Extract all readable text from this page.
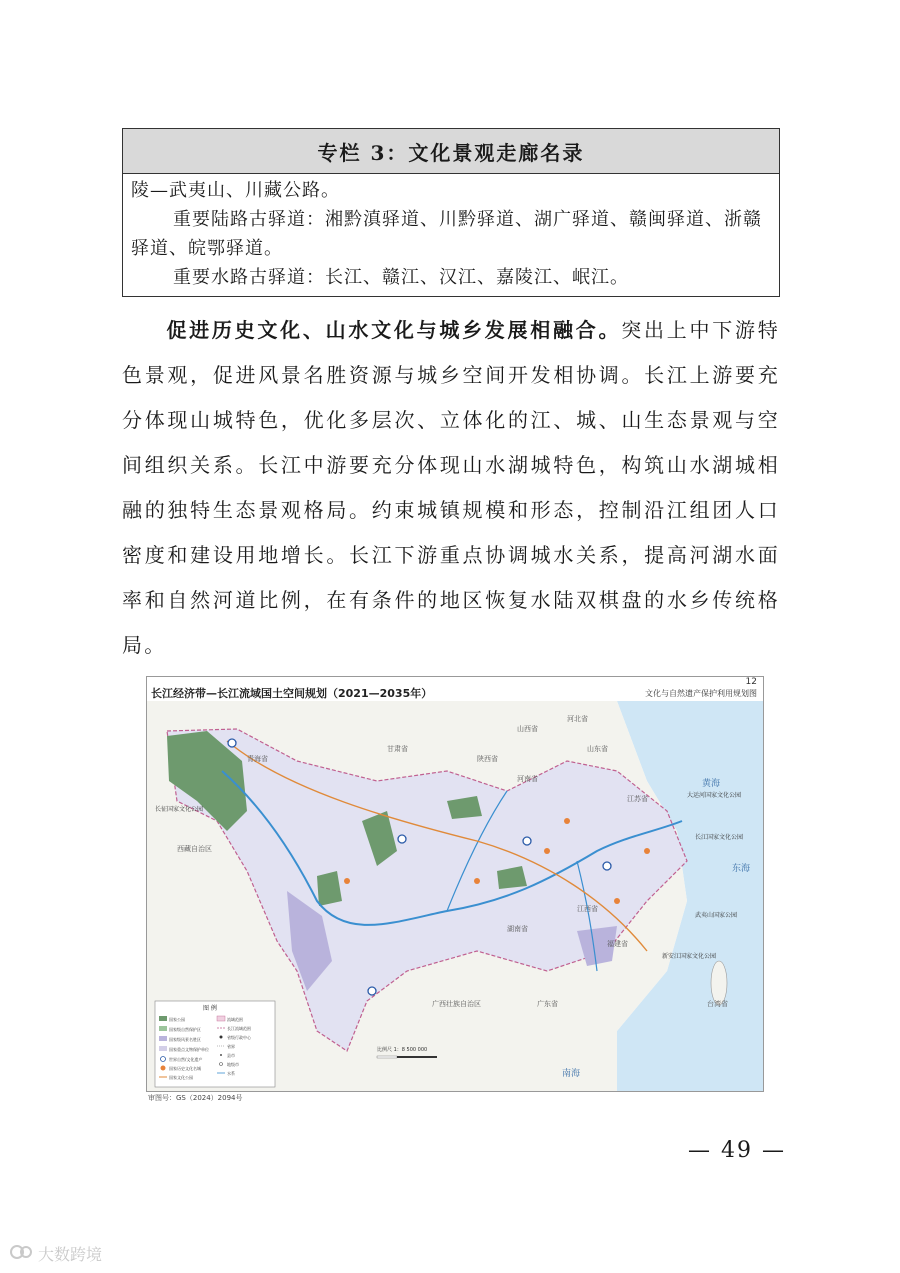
专栏 3：文化景观走廊名录

陵—武夷山、川藏公路。

重要陆路古驿道：湘黔滇驿道、川黔驿道、湖广驿道、赣闽驿道、浙赣驿道、皖鄂驿道。

重要水路古驿道：长江、赣江、汉江、嘉陵江、岷江。

促进历史文化、山水文化与城乡发展相融合。突出上中下游特色景观，促进风景名胜资源与城乡空间开发相协调。长江上游要充分体现山城特色，优化多层次、立体化的江、城、山生态景观与空间组织关系。长江中游要充分体现山水湖城特色，构筑山水湖城相融的独特生态景观格局。约束城镇规模和形态，控制沿江组团人口密度和建设用地增长。长江下游重点协调城水关系，提高河湖水面率和自然河道比例，在有条件的地区恢复水陆双棋盘的水乡传统格局。

长江经济带—长江流域国土空间规划（2021—2035年）
12
文化与自然遗产保护利用规划图
青海省
西藏自治区
甘肃省
陕西省
山西省
河南省
河北省
山东省
江苏省
湖南省
江西省
福建省
广西壮族自治区	广东省	台湾省
黄海
东海
南海
大运河国家文化公园
长江国家文化公园
武夷山国家公园
新安江国家文化公园
长征国家文化公园
比例尺 1：8 500 000
图 例
国家公园
国家级自然保护区
国家级风景名胜区
国家重点文物保护单位
世界自然/文化遗产
国家历史文化名城
国家文化公园
流域范围
长江流域范围
省级行政中心
省界
县市
地级市
水系
审图号：GS（2024）2094号
— 49 —
大数跨境
